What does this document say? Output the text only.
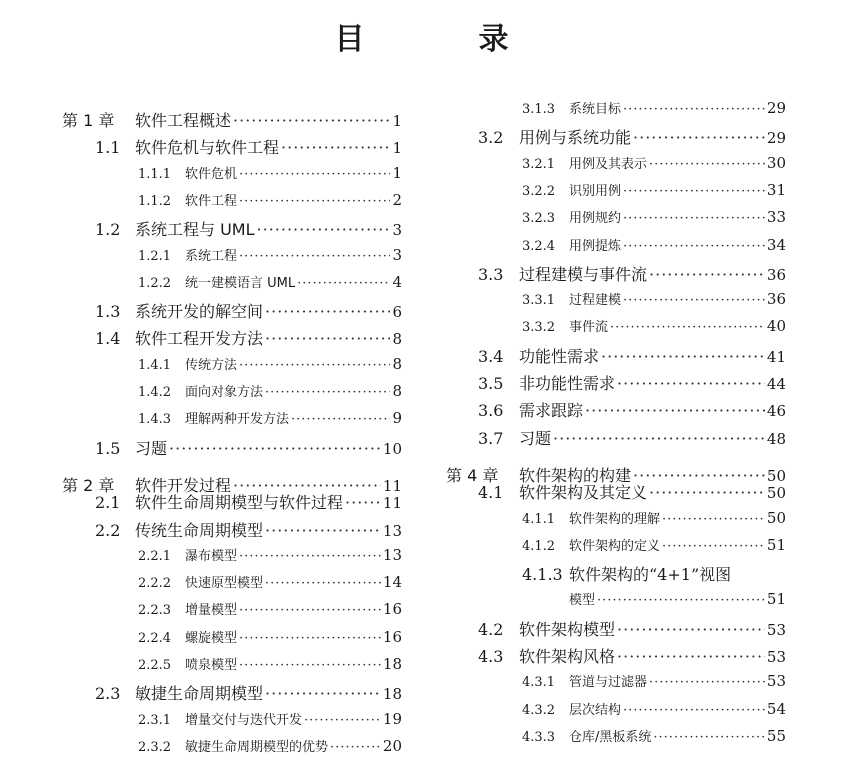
目　录
第 1 章	软件工程概述 ·····	1
1.1 软件危机与软件工程 ·····	1
1.1.1	软件危机 ·····	1
1.1.2	软件工程 ·····	2
1.2 系统工程与 UML ·····	3
1.2.1	系统工程 ·····	3
1.2.2	统一建模语言 UML ·····	4
1.3 系统开发的解空间 ·····	6
1.4 软件工程开发方法 ·····	8
1.4.1	传统方法 ·····	8
1.4.2	面向对象方法 ·····	8
1.4.3	理解两种开发方法 ·····	9
1.5 习题 ·····	10
第 2 章	软件开发过程 ·····	11
2.1 软件生命周期模型与软件过程 ·····	11
2.2 传统生命周期模型 ·····	13
2.2.1	瀑布模型 ·····	13
2.2.2	快速原型模型 ·····	14
2.2.3	增量模型 ·····	16
2.2.4	螺旋模型 ·····	16
2.2.5	喷泉模型 ·····	18
2.3 敏捷生命周期模型 ·····	18
2.3.1	增量交付与迭代开发 ·····	19
2.3.2	敏捷生命周期模型的优势 ·····	20
3.1.3	系统目标 ·····	29
3.2 用例与系统功能 ·····	29
3.2.1	用例及其表示 ·····	30
3.2.2	识别用例 ·····	31
3.2.3	用例规约 ·····	33
3.2.4	用例提炼 ·····	34
3.3 过程建模与事件流 ·····	36
3.3.1	过程建模 ·····	36
3.3.2	事件流 ·····	40
3.4 功能性需求 ·····	41
3.5 非功能性需求 ·····	44
3.6 需求跟踪 ·····	46
3.7 习题 ·····	48
第 4 章	软件架构的构建 ·····	50
4.1 软件架构及其定义 ·····	50
4.1.1	软件架构的理解 ·····	50
4.1.2	软件架构的定义 ·····	51
4.1.3 软件架构的“4+1”视图
模型 ·····	51
4.2 软件架构模型 ·····	53
4.3 软件架构风格 ·····	53
4.3.1	管道与过滤器 ·····	53
4.3.2	层次结构 ·····	54
4.3.3	仓库/黑板系统 ·····	55
